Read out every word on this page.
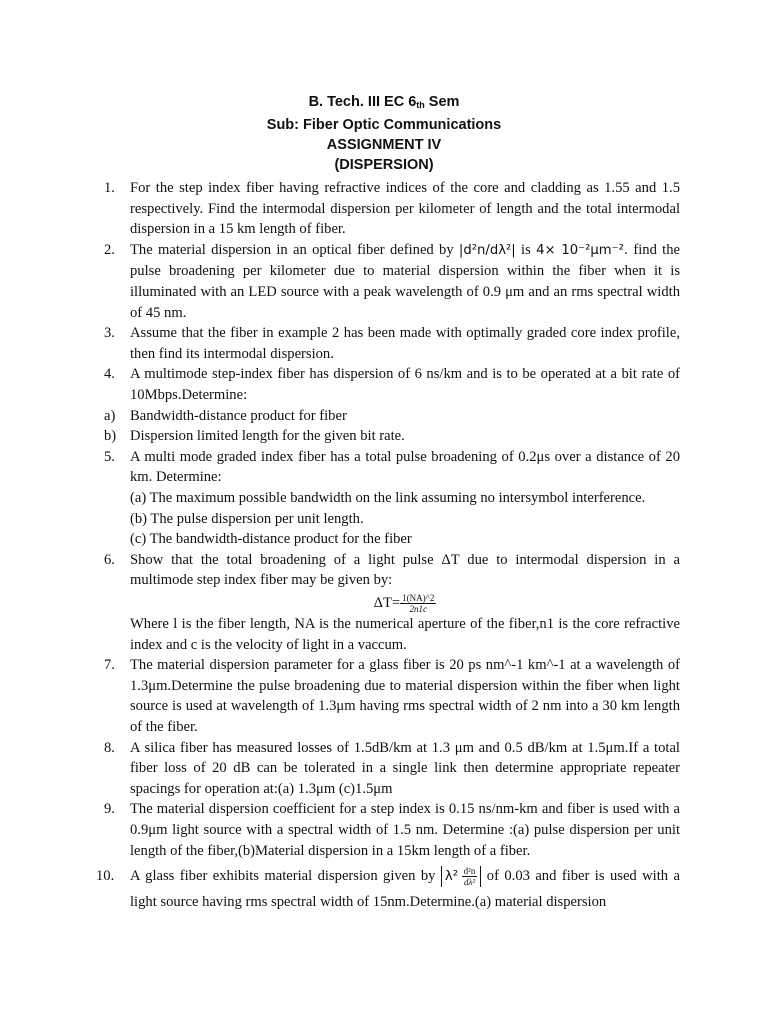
B. Tech. III EC $6_{th}$ Sem
Sub: Fiber Optic Communications
ASSIGNMENT IV
(DISPERSION)
1. For the step index fiber having refractive indices of the core and cladding as 1.55 and 1.5 respectively. Find the intermodal dispersion per kilometer of length and the total intermodal dispersion in a 15 km length of fiber.
2. The material dispersion in an optical fiber defined by |d²n/dλ²| is 4× 10⁻²μm⁻². find the pulse broadening per kilometer due to material dispersion within the fiber when it is illuminated with an LED source with a peak wavelength of 0.9 μm and an rms spectral width of 45 nm.
3. Assume that the fiber in example 2 has been made with optimally graded core index profile, then find its intermodal dispersion.
4. A multimode step-index fiber has dispersion of 6 ns/km and is to be operated at a bit rate of 10Mbps.Determine:
a) Bandwidth-distance product for fiber
b) Dispersion limited length for the given bit rate.
5. A multi mode graded index fiber has a total pulse broadening of 0.2μs over a distance of 20 km. Determine:
(a) The maximum possible bandwidth on the link assuming no intersymbol interference.
(b) The pulse dispersion per unit length.
(c) The bandwidth-distance product for the fiber
6. Show that the total broadening of a light pulse ΔT due to intermodal dispersion in a multimode step index fiber may be given by:
$\Delta T= \frac{1(NA)\^{}2}{2n1c}$
Where l is the fiber length, NA is the numerical aperture of the fiber,n1 is the core refractive index and c is the velocity of light in a vaccum.
7. The material dispersion parameter for a glass fiber is 20 ps nm^-1 km^-1 at a wavelength of 1.3μm.Determine the pulse broadening due to material dispersion within the fiber when light source is used at wavelength of 1.3μm having rms spectral width of 2 nm into a 30 km length of the fiber.
8. A silica fiber has measured losses of 1.5dB/km at 1.3 μm and 0.5 dB/km at 1.5μm.If a total fiber loss of 20 dB can be tolerated in a single link then determine appropriate repeater spacings for operation at:(a) 1.3μm (c)1.5μm
9. The material dispersion coefficient for a step index is 0.15 ns/nm-km and fiber is used with a 0.9μm light source with a spectral width of 1.5 nm. Determine :(a) pulse dispersion per unit length of the fiber,(b)Material dispersion in a 15km length of a fiber.
10. A glass fiber exhibits material dispersion given by $\lambda^2 \frac{\text{d²n}}{\text{dλ²}}$ of 0.03 and fiber is used with a light source having rms spectral width of 15nm.Determine.(a) material dispersion
